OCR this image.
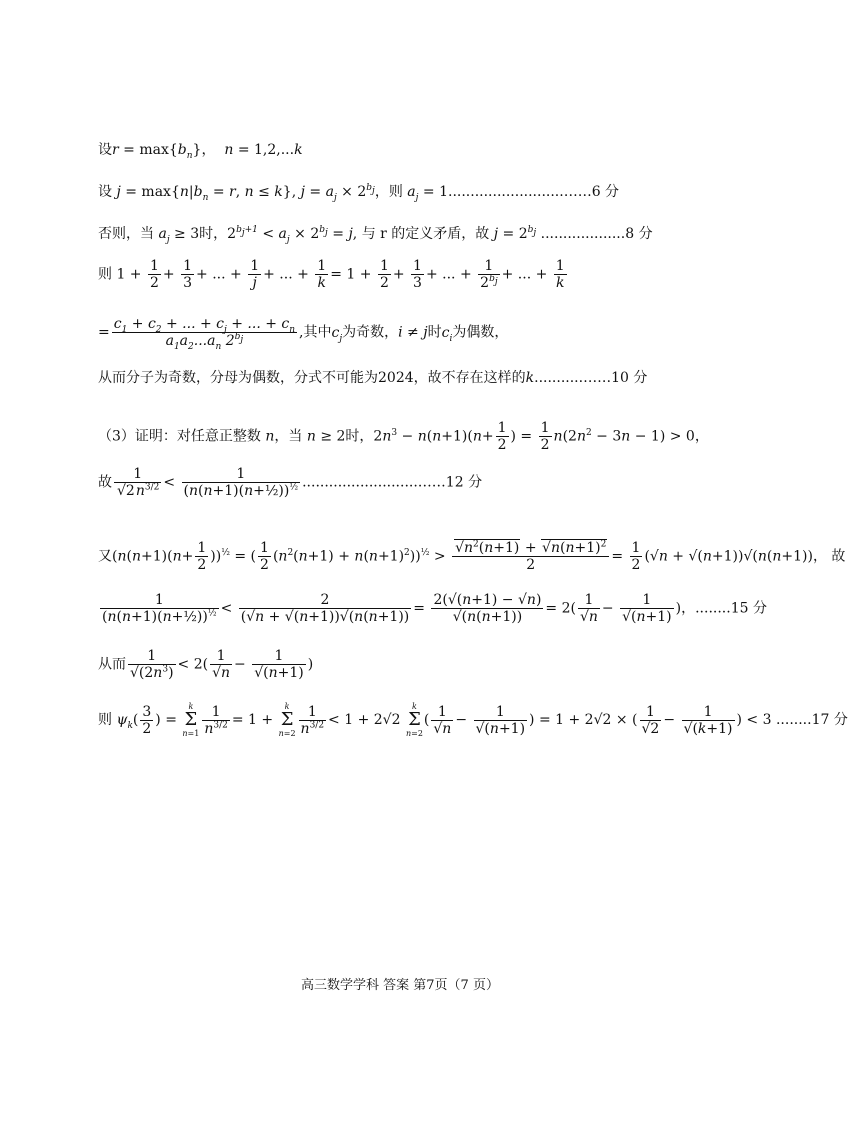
设$r = \max\{b_n\}$，  n = 1,2,...k
设 $j = \max\{n|b_n = r$, n ≤ k}, $j = a_j \times 2^{b_j}$，则 $a_j$ = 1..........................……6 分
否则，当 $a_j \ge 3$时，$2^{b_j+1} < a_j \times 2^{b_j} = j$, 与 r 的定义矛盾，故 $j = 2^{b_j}$ ...................8 分
则 $1 + \frac{1}{2} + \frac{1}{3}$ + ... + $\frac{1}{j}$ + ... + $\frac{1}{k} = 1 + \frac{1}{2} + \frac{1}{3}$ + ... + $\frac{1}{2^{b_j}}$ + ... + $\frac{1}{k}$
= $\frac{c_1 + c_2 + ... + c_j + ... + c_n}{a_1a_2...a_n 2^{b_j}}$ ,其中$c_j$为奇数，i ≠ j时$c_i$为偶数，
从而分子为奇数，分母为偶数，分式不可能为2024，故不存在这样的k...........……10 分
（3）证明：对任意正整数 n，当 n ≥ 2时，$2n^3 - n(n+1)(n+ \frac{1}{2}$ ) = $\frac{1}{2} n(2n^2 - 3n - 1) > 0$，
故 $\frac{1}{√2n^{3/2}} < \frac{1}{(n(n+1)(n+\frac{1}{2}))^{\frac{1}{2}}}$ ..........................……12 分
又$(n(n+1)(n+ \frac{1}{2} ))^{\frac{1}{2}}$ = ( $\frac{1}{2} (n^2(n+1) + n(n+1)^2))^{\frac{1}{2}} > \frac{√n^2(n+1) + √n(n+1)^2}{2} = \frac{1}{2} (√n + √(n+1))√(n(n+1))$， 故
$\frac{1}{(n(n+1)(n+\frac{1}{2}))^{\frac{1}{2}}} < \frac{2}{(√n + √(n+1))√(n(n+1))} = \frac{2(√(n+1) - √n)}{√(n(n+1))} = 2( \frac{1}{√n} - \frac{1}{√(n+1)}$ )，........15 分
从而 $\frac{1}{√(2n^3)} < 2( \frac{1}{√n} - \frac{1}{√(n+1)}$ )
则 $\psi_k( \frac{3}{2}$ ) = k
Σ
$n=1 \frac{1}{n^{3/2}} = 1 + k$
Σ
$n=2 \frac{1}{n^{3/2}} < 1 + 2√2$ k
Σ
$n=2( \frac{1}{√n} - \frac{1}{√(n+1)}$ ) = 1 + 2√2 × ( $\frac{1}{√2} - \frac{1}{√(k+1)}$ ) < 3 ........17 分
高三数学学科 答案 第7页（7 页）
